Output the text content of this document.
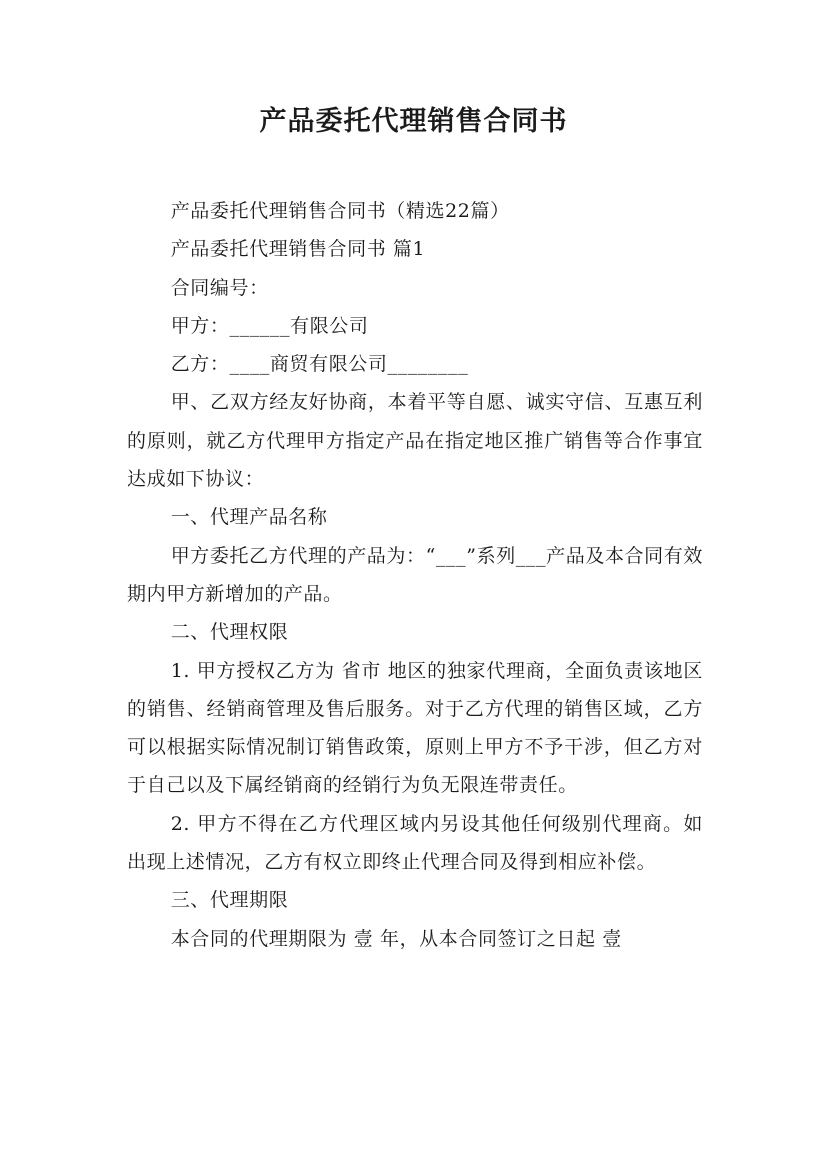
产品委托代理销售合同书

产品委托代理销售合同书（精选22篇）

产品委托代理销售合同书 篇1

合同编号：

甲方：______有限公司

乙方：____商贸有限公司________

甲、乙双方经友好协商，本着平等自愿、诚实守信、互惠互利的原则，就乙方代理甲方指定产品在指定地区推广销售等合作事宜达成如下协议：

一、代理产品名称

甲方委托乙方代理的产品为：“___”系列___产品及本合同有效期内甲方新增加的产品。

二、代理权限

1. 甲方授权乙方为 省市 地区的独家代理商，全面负责该地区的销售、经销商管理及售后服务。对于乙方代理的销售区域，乙方可以根据实际情况制订销售政策，原则上甲方不予干涉，但乙方对于自己以及下属经销商的经销行为负无限连带责任。

2. 甲方不得在乙方代理区域内另设其他任何级别代理商。如出现上述情况，乙方有权立即终止代理合同及得到相应补偿。

三、代理期限

本合同的代理期限为 壹 年，从本合同签订之日起 壹
